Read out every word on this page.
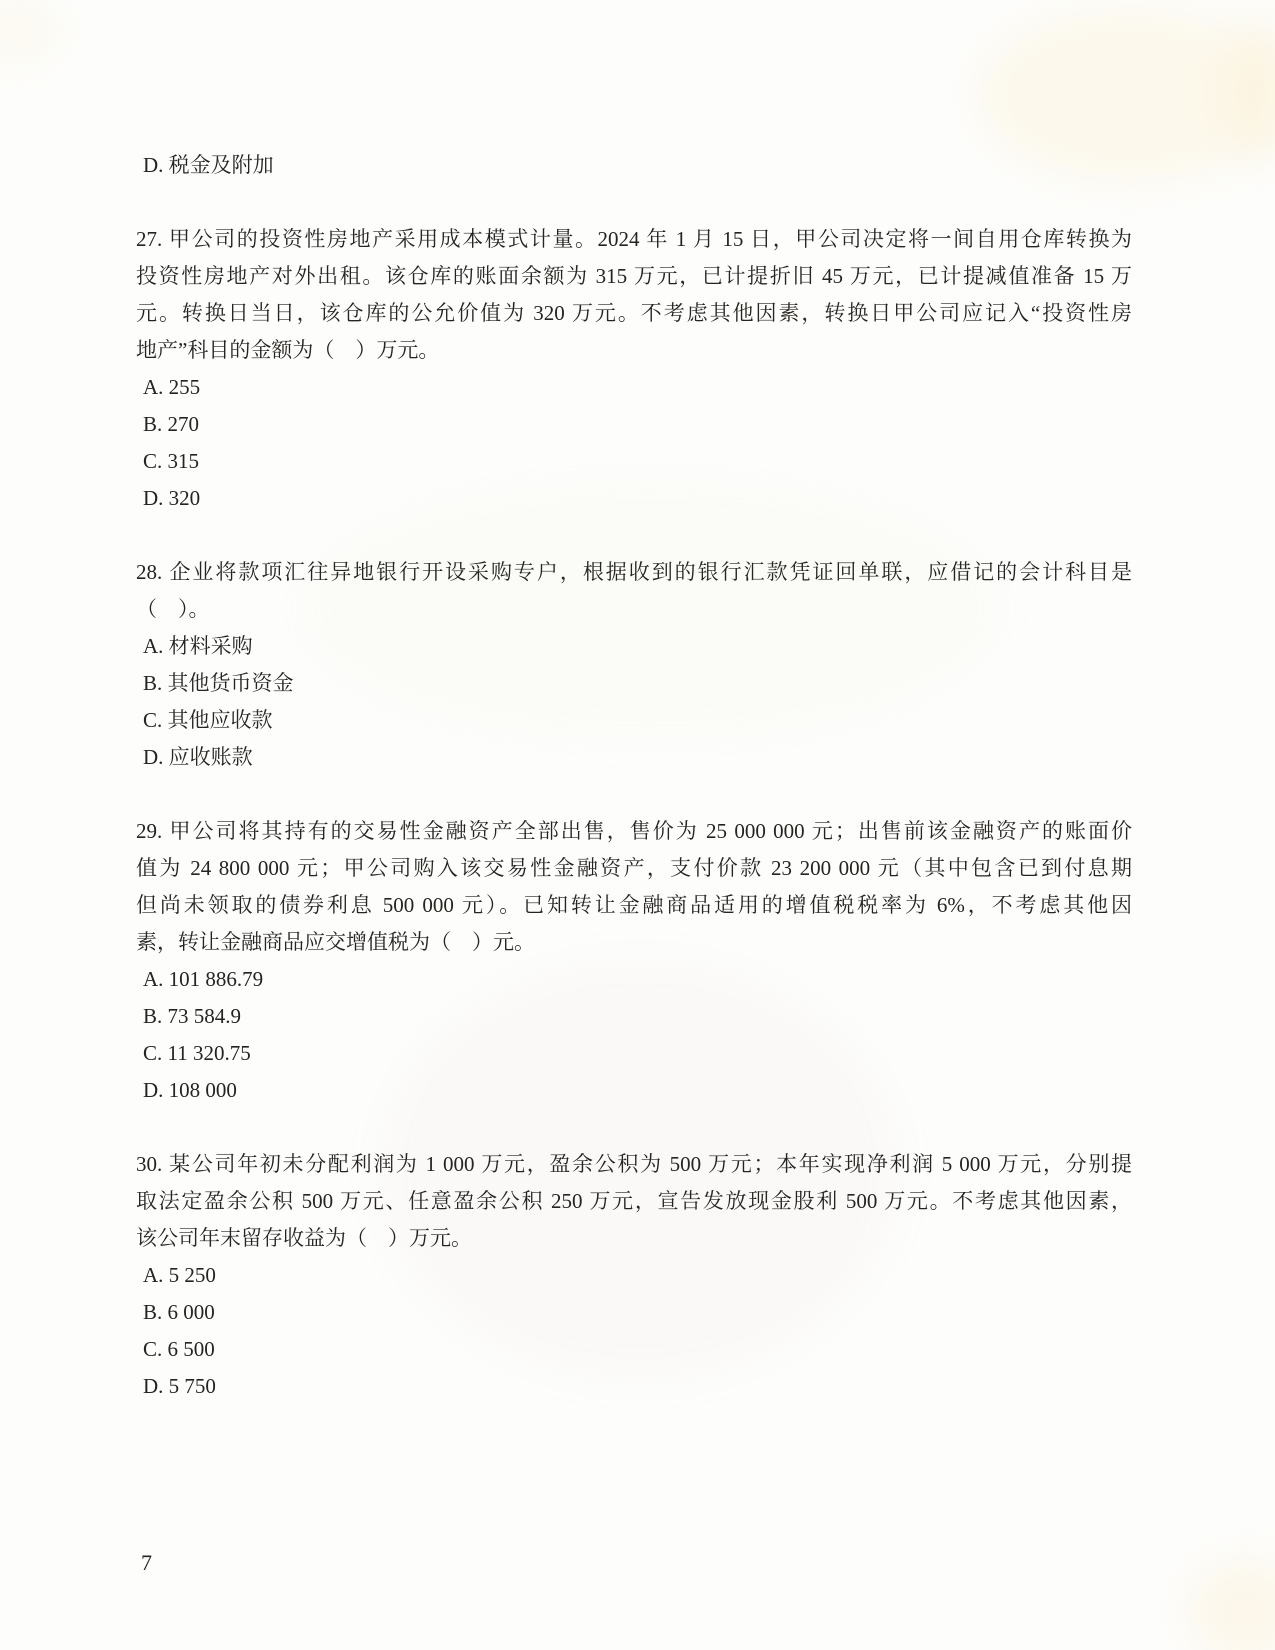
D. 税金及附加
27. 甲公司的投资性房地产采用成本模式计量。2024 年 1 月 15 日，甲公司决定将一间自用仓库转换为
投资性房地产对外出租。该仓库的账面余额为 315 万元，已计提折旧 45 万元，已计提减值准备 15 万
元。转换日当日，该仓库的公允价值为 320 万元。不考虑其他因素，转换日甲公司应记入“投资性房
地产”科目的金额为（　）万元。
A. 255
B. 270
C. 315
D. 320
28. 企业将款项汇往异地银行开设采购专户，根据收到的银行汇款凭证回单联，应借记的会计科目是
（　）。
A. 材料采购
B. 其他货币资金
C. 其他应收款
D. 应收账款
29. 甲公司将其持有的交易性金融资产全部出售，售价为 25 000 000 元；出售前该金融资产的账面价
值为 24 800 000 元；甲公司购入该交易性金融资产，支付价款 23 200 000 元（其中包含已到付息期
但尚未领取的债券利息 500 000 元）。已知转让金融商品适用的增值税税率为 6%，不考虑其他因
素，转让金融商品应交增值税为（　）元。
A. 101 886.79
B. 73 584.9
C. 11 320.75
D. 108 000
30. 某公司年初未分配利润为 1 000 万元，盈余公积为 500 万元；本年实现净利润 5 000 万元，分别提
取法定盈余公积 500 万元、任意盈余公积 250 万元，宣告发放现金股利 500 万元。不考虑其他因素，
该公司年末留存收益为（　）万元。
A. 5 250
B. 6 000
C. 6 500
D. 5 750
7
